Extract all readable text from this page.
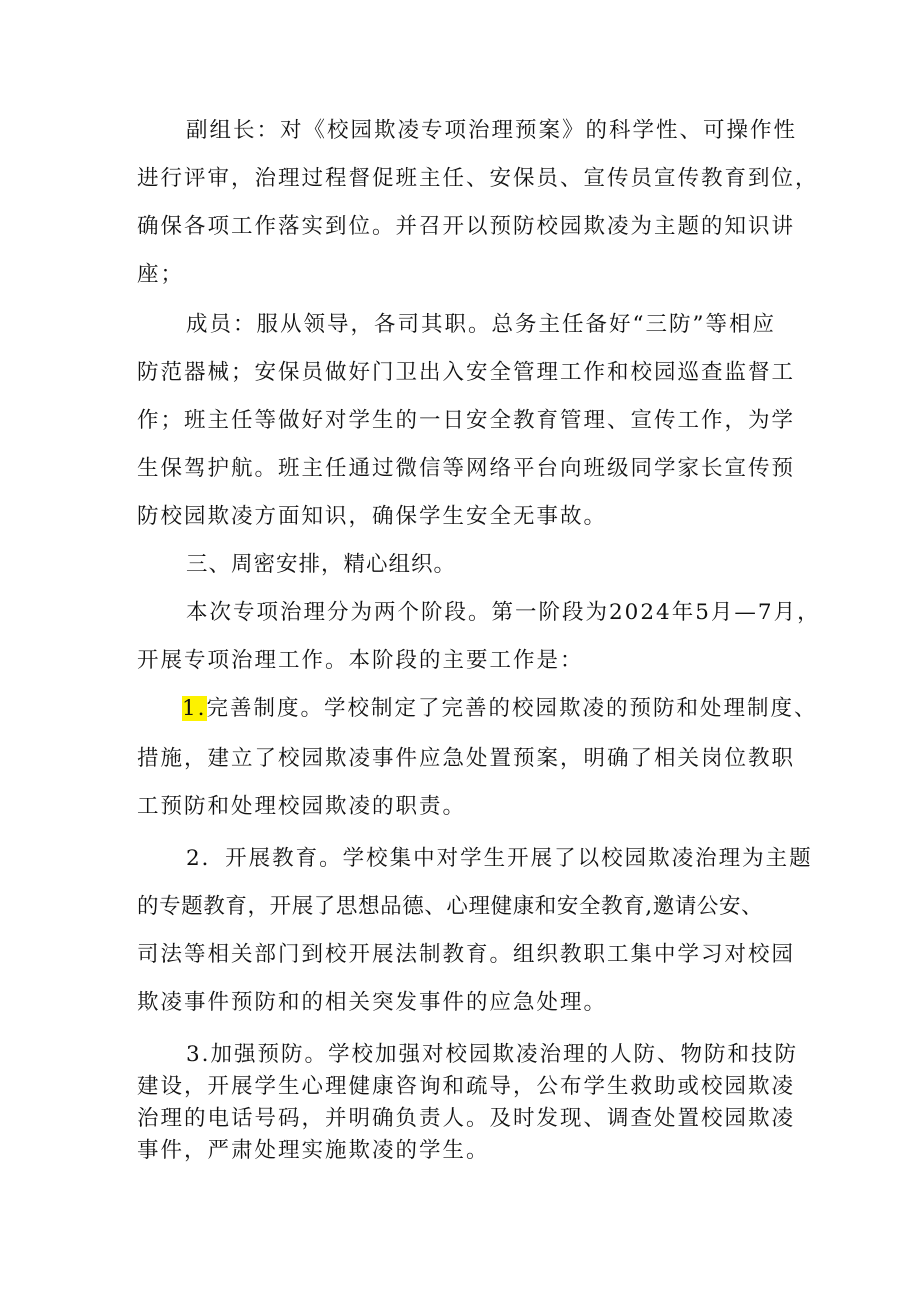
副组长：对《校园欺凌专项治理预案》的科学性、可操作性
进行评审，治理过程督促班主任、安保员、宣传员宣传教育到位，
确保各项工作落实到位。并召开以预防校园欺凌为主题的知识讲
座；
成员：服从领导，各司其职。总务主任备好“三防”等相应
防范器械；安保员做好门卫出入安全管理工作和校园巡查监督工
作；班主任等做好对学生的一日安全教育管理、宣传工作，为学
生保驾护航。班主任通过微信等网络平台向班级同学家长宣传预
防校园欺凌方面知识，确保学生安全无事故。
三、周密安排，精心组织。
本次专项治理分为两个阶段。第一阶段为2024年5月—7月，
开展专项治理工作。本阶段的主要工作是：
1.完善制度。学校制定了完善的校园欺凌的预防和处理制度、
措施，建立了校园欺凌事件应急处置预案，明确了相关岗位教职
工预防和处理校园欺凌的职责。
2．开展教育。学校集中对学生开展了以校园欺凌治理为主题
的专题教育，开展了思想品德、心理健康和安全教育,邀请公安、
司法等相关部门到校开展法制教育。组织教职工集中学习对校园
欺凌事件预防和的相关突发事件的应急处理。
3.加强预防。学校加强对校园欺凌治理的人防、物防和技防
建设，开展学生心理健康咨询和疏导，公布学生救助或校园欺凌
治理的电话号码，并明确负责人。及时发现、调查处置校园欺凌
事件，严肃处理实施欺凌的学生。
